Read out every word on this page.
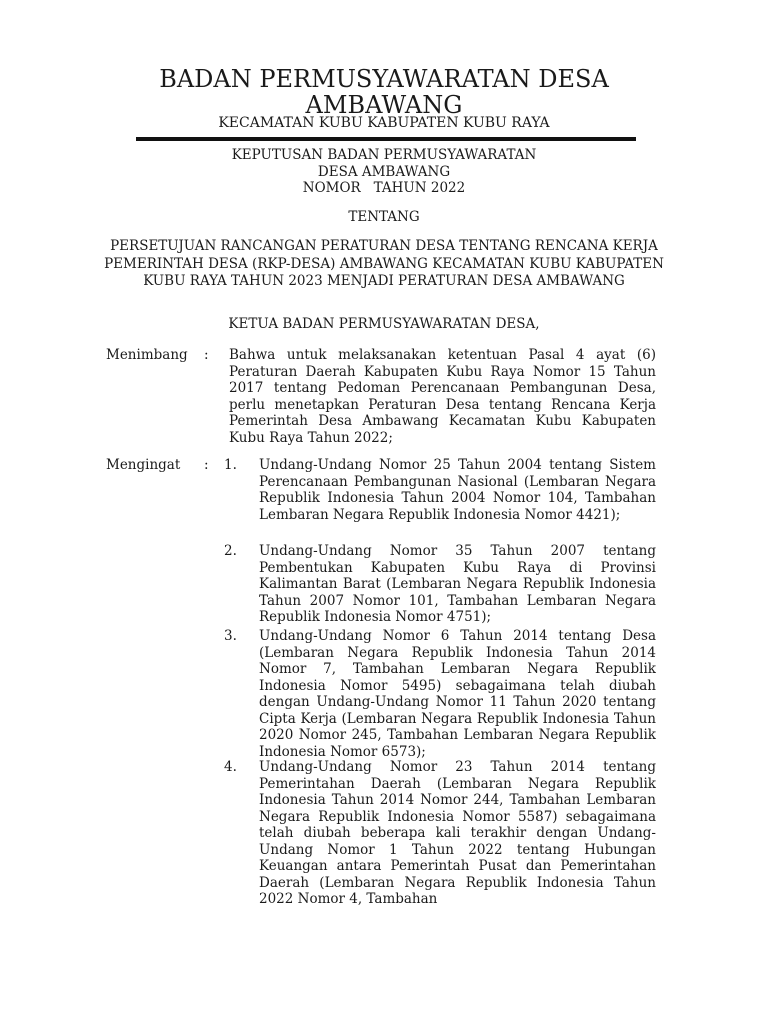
BADAN PERMUSYAWARATAN DESA
AMBAWANG
KECAMATAN KUBU KABUPATEN KUBU RAYA
KEPUTUSAN BADAN PERMUSYAWARATAN
DESA AMBAWANG
NOMOR   TAHUN 2022
TENTANG
PERSETUJUAN RANCANGAN PERATURAN DESA TENTANG RENCANA KERJA PEMERINTAH DESA (RKP-DESA) AMBAWANG KECAMATAN KUBU KABUPATEN KUBU RAYA TAHUN 2023 MENJADI PERATURAN DESA AMBAWANG
KETUA BADAN PERMUSYAWARATAN DESA,
Menimbang : Bahwa untuk melaksanakan ketentuan Pasal 4 ayat (6) Peraturan Daerah Kabupaten Kubu Raya Nomor 15 Tahun 2017 tentang Pedoman Perencanaan Pembangunan Desa, perlu menetapkan Peraturan Desa tentang Rencana Kerja Pemerintah Desa Ambawang Kecamatan Kubu Kabupaten Kubu Raya Tahun 2022;
Mengingat : 1. Undang-Undang Nomor 25 Tahun 2004 tentang Sistem Perencanaan Pembangunan Nasional (Lembaran Negara Republik Indonesia Tahun 2004 Nomor 104, Tambahan Lembaran Negara Republik Indonesia Nomor 4421);
2. Undang-Undang Nomor 35 Tahun 2007 tentang Pembentukan Kabupaten Kubu Raya di Provinsi Kalimantan Barat (Lembaran Negara Republik Indonesia Tahun 2007 Nomor 101, Tambahan Lembaran Negara Republik Indonesia Nomor 4751);
3. Undang-Undang Nomor 6 Tahun 2014 tentang Desa (Lembaran Negara Republik Indonesia Tahun 2014 Nomor 7, Tambahan Lembaran Negara Republik Indonesia Nomor 5495) sebagaimana telah diubah dengan Undang-Undang Nomor 11 Tahun 2020 tentang Cipta Kerja (Lembaran Negara Republik Indonesia Tahun 2020 Nomor 245, Tambahan Lembaran Negara Republik Indonesia Nomor 6573);
4. Undang-Undang Nomor 23 Tahun 2014 tentang Pemerintahan Daerah (Lembaran Negara Republik Indonesia Tahun 2014 Nomor 244, Tambahan Lembaran Negara Republik Indonesia Nomor 5587) sebagaimana telah diubah beberapa kali terakhir dengan Undang-Undang Nomor 1 Tahun 2022 tentang Hubungan Keuangan antara Pemerintah Pusat dan Pemerintahan Daerah (Lembaran Negara Republik Indonesia Tahun 2022 Nomor 4, Tambahan
